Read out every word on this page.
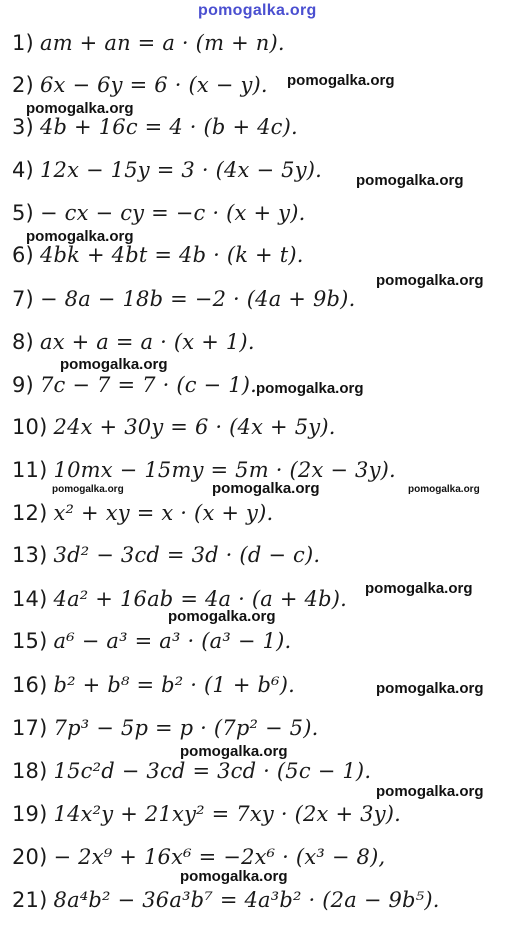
pomogalka.org
1) am + an = a · (m + n).
2) 6x − 6y = 6 · (x − y).
3) 4b + 16c = 4 · (b + 4c).
4) 12x − 15y = 3 · (4x − 5y).
5) − cx − cy = −c · (x + y).
6) 4bk + 4bt = 4b · (k + t).
7) − 8a − 18b = −2 · (4a + 9b).
8) ax + a = a · (x + 1).
9) 7c − 7 = 7 · (c − 1).
10) 24x + 30y = 6 · (4x + 5y).
11) 10mx − 15my = 5m · (2x − 3y).
12) x² + xy = x · (x + y).
13) 3d² − 3cd = 3d · (d − c).
14) 4a² + 16ab = 4a · (a + 4b).
15) a⁶ − a³ = a³ · (a³ − 1).
16) b² + b⁸ = b² · (1 + b⁶).
17) 7p³ − 5p = p · (7p² − 5).
18) 15c²d − 3cd = 3cd · (5c − 1).
19) 14x²y + 21xy² = 7xy · (2x + 3y).
20) − 2x⁹ + 16x⁶ = −2x⁶ · (x³ − 8),
21) 8a⁴b² − 36a³b⁷ = 4a³b² · (2a − 9b⁵).
pomogalka.org
pomogalka.org
pomogalka.org
pomogalka.org
pomogalka.org
pomogalka.org
pomogalka.org
pomogalka.org	pomogalka.org	pomogalka.org
pomogalka.org
pomogalka.org
pomogalka.org
pomogalka.org
pomogalka.org
pomogalka.org
